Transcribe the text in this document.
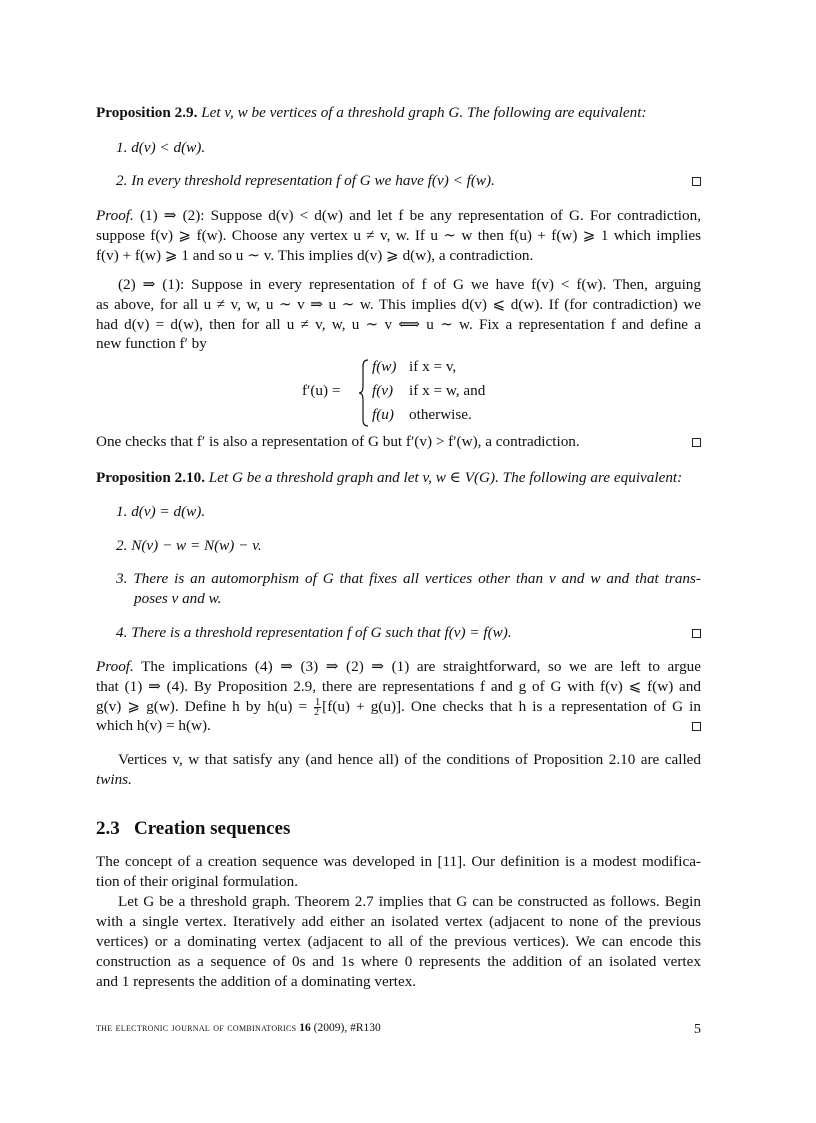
Proposition 2.9. Let v, w be vertices of a threshold graph G. The following are equivalent:
1. d(v) < d(w).
2. In every threshold representation f of G we have f(v) < f(w).
Proof. (1) ⇒ (2): Suppose d(v) < d(w) and let f be any representation of G. For contradiction,
suppose f(v) ⩾ f(w). Choose any vertex u ≠ v, w. If u ∼ w then f(u) + f(w) ⩾ 1 which implies
f(v) + f(w) ⩾ 1 and so u ∼ v. This implies d(v) ⩾ d(w), a contradiction.
(2) ⇒ (1): Suppose in every representation of f of G we have f(v) < f(w). Then, arguing
as above, for all u ≠ v, w, u ∼ v ⇒ u ∼ w. This implies d(v) ⩽ d(w). If (for contradiction) we
had d(v) = d(w), then for all u ≠ v, w, u ∼ v ⟺ u ∼ w. Fix a representation f and define a
new function f′ by
f′(u) =
f(w) if x = v,
f(v) if x = w, and
f(u) otherwise.
One checks that f′ is also a representation of G but f′(v) > f′(w), a contradiction.
Proposition 2.10. Let G be a threshold graph and let v, w ∈ V(G). The following are equivalent:
1. d(v) = d(w).
2. N(v) − w = N(w) − v.
3. There is an automorphism of G that fixes all vertices other than v and w and that trans-
poses v and w.
4. There is a threshold representation f of G such that f(v) = f(w).
Proof. The implications (4) ⇒ (3) ⇒ (2) ⇒ (1) are straightforward, so we are left to argue
that (1) ⇒ (4). By Proposition 2.9, there are representations f and g of G with f(v) ⩽ f(w) and
g(v) ⩾ g(w). Define h by $h(u) = \frac{1}{2} [f(u) + g(u)]$. One checks that h is a representation of G in
which h(v) = h(w).
Vertices v, w that satisfy any (and hence all) of the conditions of Proposition 2.10 are called
twins.
2.3 Creation sequences
The concept of a creation sequence was developed in [11]. Our definition is a modest modifica-
tion of their original formulation.
Let G be a threshold graph. Theorem 2.7 implies that G can be constructed as follows. Begin
with a single vertex. Iteratively add either an isolated vertex (adjacent to none of the previous
vertices) or a dominating vertex (adjacent to all of the previous vertices). We can encode this
construction as a sequence of 0s and 1s where 0 represents the addition of an isolated vertex
and 1 represents the addition of a dominating vertex.
the electronic journal of combinatorics 16 (2009), #R130	5
